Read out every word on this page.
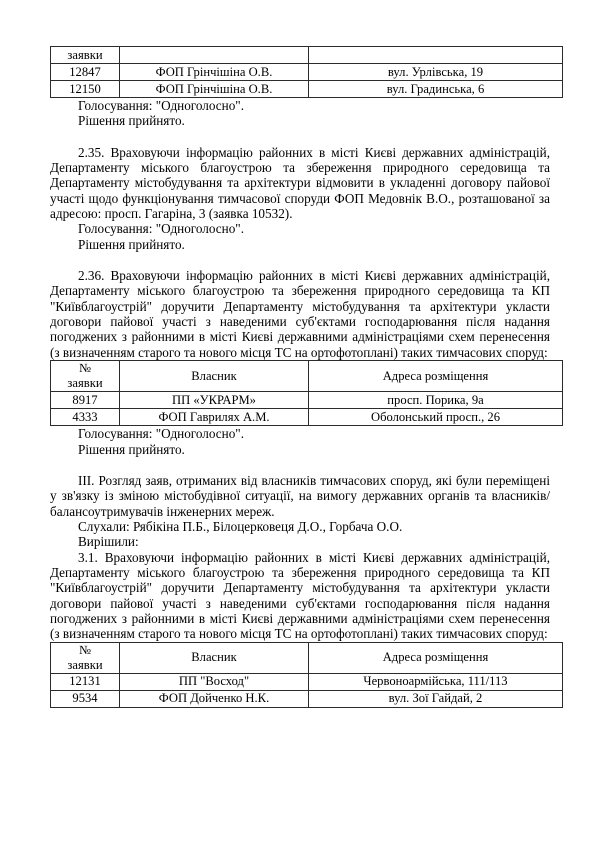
заявки		
12847	ФОП Грінчішіна О.В.	вул. Урлівська, 19
12150	ФОП Грінчішіна О.В.	вул. Градинська, 6

Голосування: "Одноголосно".

Рішення прийнято.

2.35. Враховуючи інформацію районних в місті Києві державних адміністрацій, Департаменту міського благоустрою та збереження природного середовища та Департаменту містобудування та архітектури відмовити в укладенні договору пайової участі щодо функціонування тимчасової споруди ФОП Медовнік В.О., розташованої за адресою: просп. Гагаріна, 3 (заявка 10532).

Голосування: "Одноголосно".

Рішення прийнято.

2.36. Враховуючи інформацію районних в місті Києві державних адміністрацій, Департаменту міського благоустрою та збереження природного середовища та КП "Київблагоустрій" доручити Департаменту містобудування та архітектури укласти договори пайової участі з наведеними суб'єктами господарювання після надання погоджених з районними в місті Києві державними адміністраціями схем перенесення (з визначенням старого та нового місця ТС на ортофотоплані) таких тимчасових споруд:

№
заявки	Власник	Адреса розміщення
8917	ПП «УКРАРМ»	просп. Порика, 9а
4333	ФОП Гаврилях А.М.	Оболонський просп., 26

Голосування: "Одноголосно".

Рішення прийнято.

III. Розгляд заяв, отриманих від власників тимчасових споруд, які були переміщені у зв'язку із зміною містобудівної ситуації, на вимогу державних органів та власників/балансоутримувачів інженерних мереж.

Слухали: Рябікіна П.Б., Білоцерковеця Д.О., Горбача О.О.

Вирішили:

3.1. Враховуючи інформацію районних в місті Києві державних адміністрацій, Департаменту міського благоустрою та збереження природного середовища та КП "Київблагоустрій" доручити Департаменту містобудування та архітектури укласти договори пайової участі з наведеними суб'єктами господарювання після надання погоджених з районними в місті Києві державними адміністраціями схем перенесення (з визначенням старого та нового місця ТС на ортофотоплані) таких тимчасових споруд:

№
заявки	Власник	Адреса розміщення
12131	ПП "Восход"	Червоноармійська, 111/113
9534	ФОП Дойченко Н.К.	вул. Зої Гайдай, 2
